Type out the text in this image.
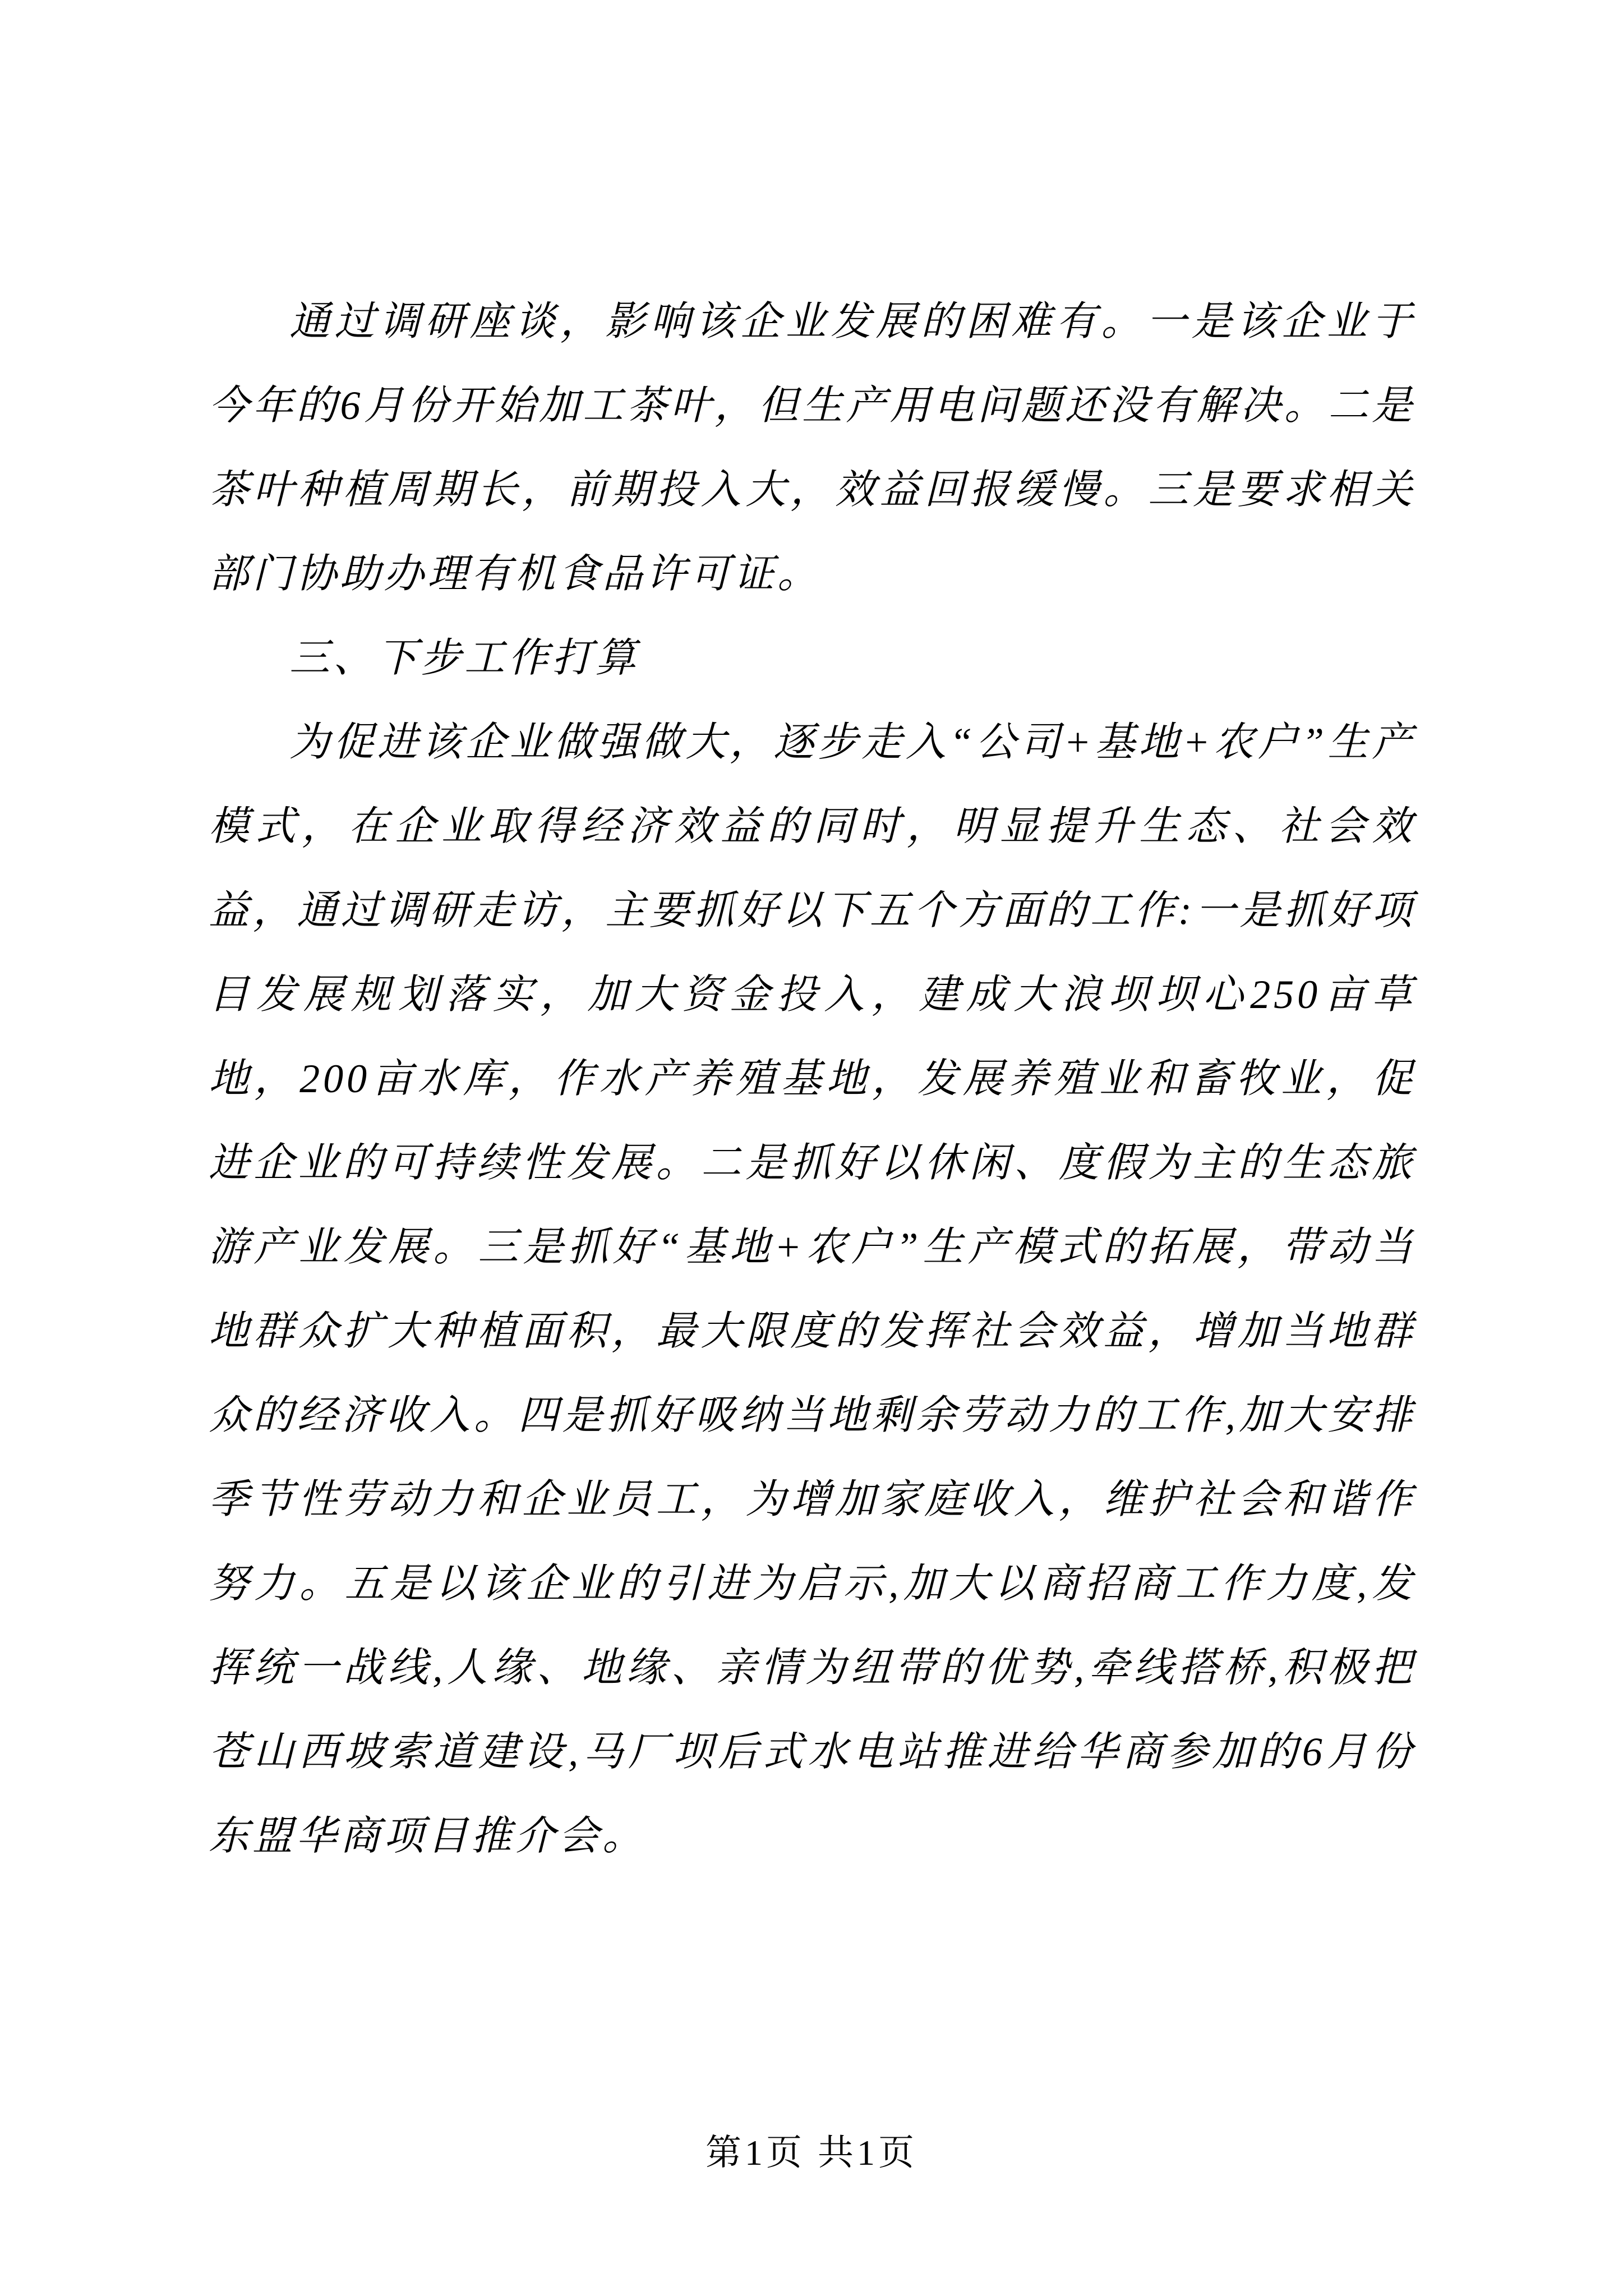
通过调研座谈，影响该企业发展的困难有。一是该企业于今年的6月份开始加工茶叶，但生产用电问题还没有解决。二是茶叶种植周期长，前期投入大，效益回报缓慢。三是要求相关部门协助办理有机食品许可证。

三、下步工作打算

为促进该企业做强做大，逐步走入“公司+基地+农户”生产模式，在企业取得经济效益的同时，明显提升生态、社会效益，通过调研走访，主要抓好以下五个方面的工作:一是抓好项目发展规划落实，加大资金投入，建成大浪坝坝心250亩草地，200亩水库，作水产养殖基地，发展养殖业和畜牧业，促进企业的可持续性发展。二是抓好以休闲、度假为主的生态旅游产业发展。三是抓好“基地+农户”生产模式的拓展，带动当地群众扩大种植面积，最大限度的发挥社会效益，增加当地群众的经济收入。四是抓好吸纳当地剩余劳动力的工作,加大安排季节性劳动力和企业员工，为增加家庭收入，维护社会和谐作努力。五是以该企业的引进为启示,加大以商招商工作力度,发挥统一战线,人缘、地缘、亲情为纽带的优势,牵线搭桥,积极把苍山西坡索道建设,马厂坝后式水电站推进给华商参加的6月份东盟华商项目推介会。

第1页 共1页
